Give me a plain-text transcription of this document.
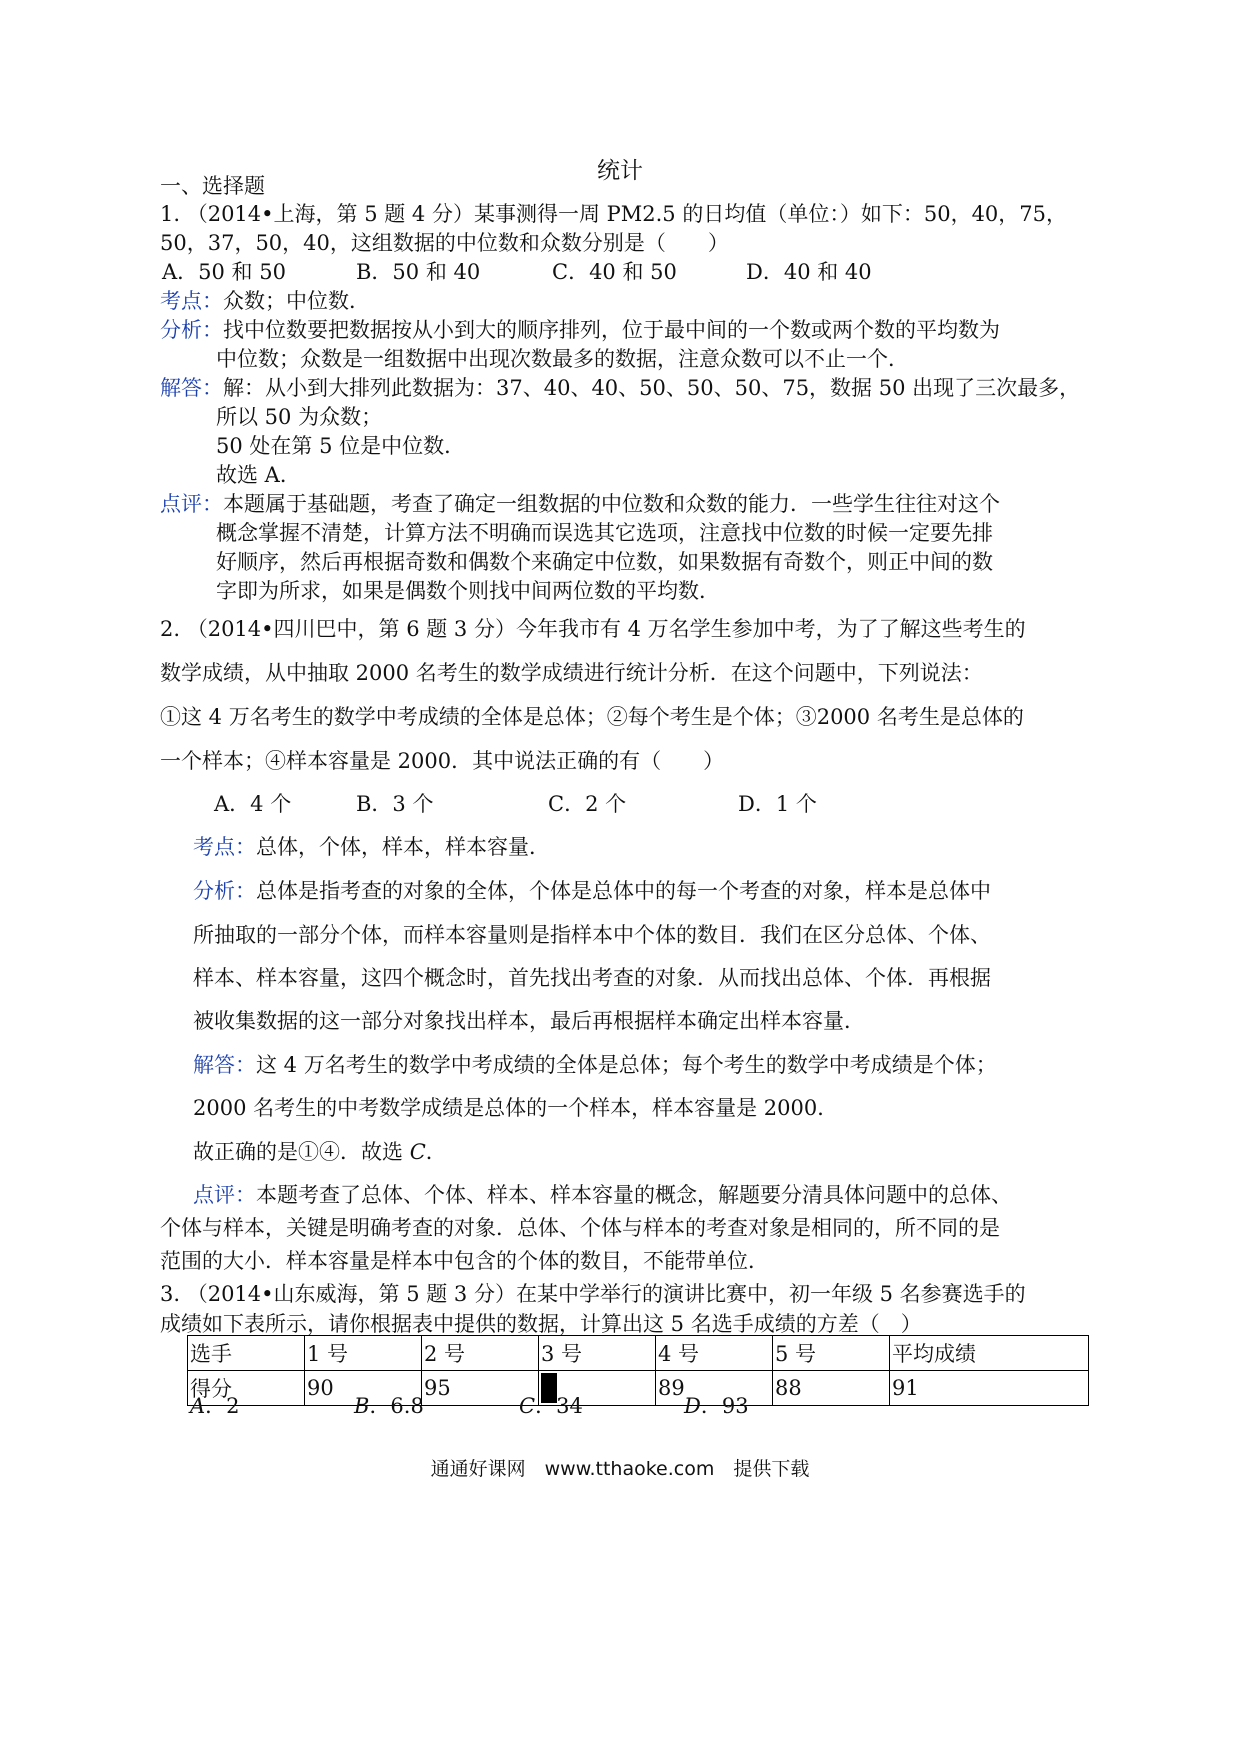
统计
一、选择题
1. （2014•上海，第 5 题 4 分）某事测得一周 PM2.5 的日均值（单位：）如下：50，40，75，
50，37，50，40，这组数据的中位数和众数分别是（　　）
A．50 和 50	B．50 和 40	C．40 和 50	D．40 和 40
考点：众数；中位数．
分析：找中位数要把数据按从小到大的顺序排列，位于最中间的一个数或两个数的平均数为
中位数；众数是一组数据中出现次数最多的数据，注意众数可以不止一个．
解答：解：从小到大排列此数据为：37、40、40、50、50、50、75，数据 50 出现了三次最多，
所以 50 为众数；
50 处在第 5 位是中位数．
故选 A．
点评：本题属于基础题，考查了确定一组数据的中位数和众数的能力．一些学生往往对这个
概念掌握不清楚，计算方法不明确而误选其它选项，注意找中位数的时候一定要先排
好顺序，然后再根据奇数和偶数个来确定中位数，如果数据有奇数个，则正中间的数
字即为所求，如果是偶数个则找中间两位数的平均数．
2. （2014•四川巴中，第 6 题 3 分）今年我市有 4 万名学生参加中考，为了了解这些考生的
数学成绩，从中抽取 2000 名考生的数学成绩进行统计分析．在这个问题中，下列说法：
①这 4 万名考生的数学中考成绩的全体是总体；②每个考生是个体；③2000 名考生是总体的
一个样本；④样本容量是 2000．其中说法正确的有（　　）
A．4 个	B．3 个	C．2 个	D．1 个
考点：总体，个体，样本，样本容量．
分析：总体是指考查的对象的全体，个体是总体中的每一个考查的对象，样本是总体中
所抽取的一部分个体，而样本容量则是指样本中个体的数目．我们在区分总体、个体、
样本、样本容量，这四个概念时，首先找出考查的对象．从而找出总体、个体．再根据
被收集数据的这一部分对象找出样本，最后再根据样本确定出样本容量．
解答：这 4 万名考生的数学中考成绩的全体是总体；每个考生的数学中考成绩是个体；
2000 名考生的中考数学成绩是总体的一个样本，样本容量是 2000．
故正确的是①④．故选 C．
点评：本题考查了总体、个体、样本、样本容量的概念，解题要分清具体问题中的总体、
个体与样本，关键是明确考查的对象．总体、个体与样本的考查对象是相同的，所不同的是
范围的大小．样本容量是样本中包含的个体的数目，不能带单位．
3. （2014•山东威海，第 5 题 3 分）在某中学举行的演讲比赛中，初一年级 5 名参赛选手的
成绩如下表所示，请你根据表中提供的数据，计算出这 5 名选手成绩的方差（　）
选手	1 号	2 号	3 号	4 号	5 号	平均成绩
得分	90	95		89	88	91
A．2	B．6.8	C．34	D．93
通通好课网　www.tthaoke.com　提供下载
